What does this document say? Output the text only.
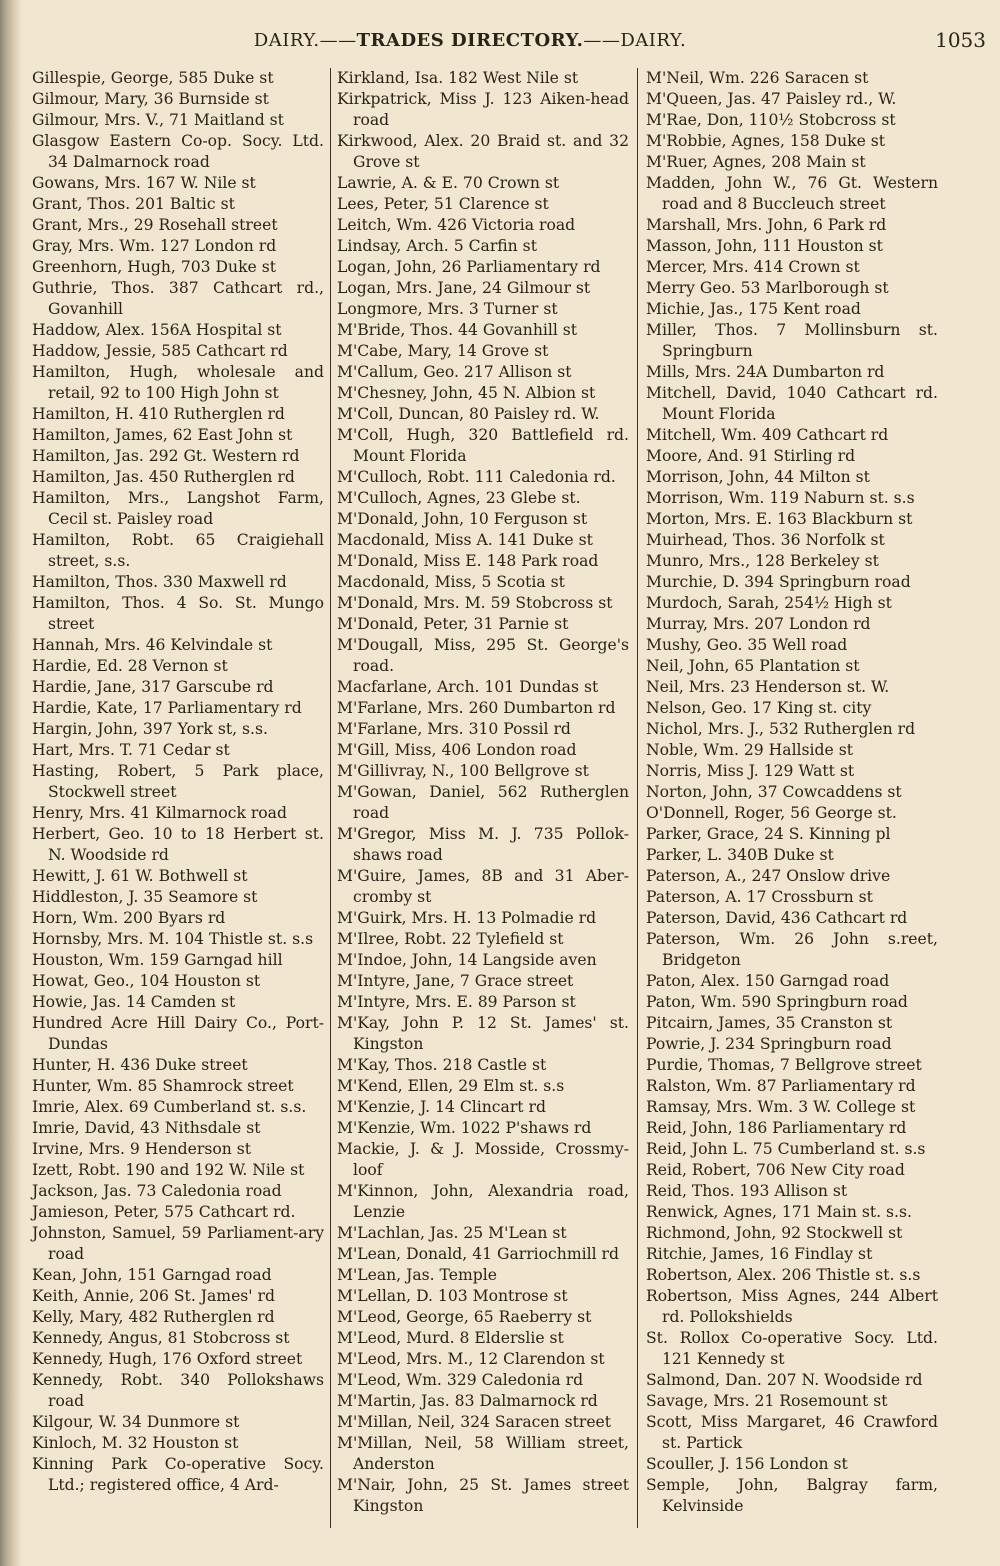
DAIRY.——TRADES DIRECTORY.——DAIRY.	1053
Gillespie, George, 585 Duke st
Gilmour, Mary, 36 Burnside st
Gilmour, Mrs. V., 71 Maitland st
Glasgow Eastern Co-op. Socy. Ltd. 34 Dalmarnock road
Gowans, Mrs. 167 W. Nile st
Grant, Thos. 201 Baltic st
Grant, Mrs., 29 Rosehall street
Gray, Mrs. Wm. 127 London rd
Greenhorn, Hugh, 703 Duke st
Guthrie, Thos. 387 Cathcart rd., Govanhill
Haddow, Alex. 156A Hospital st
Haddow, Jessie, 585 Cathcart rd
Hamilton, Hugh, wholesale and retail, 92 to 100 High John st
Hamilton, H. 410 Rutherglen rd
Hamilton, James, 62 East John st
Hamilton, Jas. 292 Gt. Western rd
Hamilton, Jas. 450 Rutherglen rd
Hamilton, Mrs., Langshot Farm, Cecil st. Paisley road
Hamilton, Robt. 65 Craigiehall street, s.s.
Hamilton, Thos. 330 Maxwell rd
Hamilton, Thos. 4 So. St. Mungo street
Hannah, Mrs. 46 Kelvindale st
Hardie, Ed. 28 Vernon st
Hardie, Jane, 317 Garscube rd
Hardie, Kate, 17 Parliamentary rd
Hargin, John, 397 York st, s.s.
Hart, Mrs. T. 71 Cedar st
Hasting, Robert, 5 Park place, Stockwell street
Henry, Mrs. 41 Kilmarnock road
Herbert, Geo. 10 to 18 Herbert st. N. Woodside rd
Hewitt, J. 61 W. Bothwell st
Hiddleston, J. 35 Seamore st
Horn, Wm. 200 Byars rd
Hornsby, Mrs. M. 104 Thistle st. s.s
Houston, Wm. 159 Garngad hill
Howat, Geo., 104 Houston st
Howie, Jas. 14 Camden st
Hundred Acre Hill Dairy Co., Port-Dundas
Hunter, H. 436 Duke street
Hunter, Wm. 85 Shamrock street
Imrie, Alex. 69 Cumberland st. s.s.
Imrie, David, 43 Nithsdale st
Irvine, Mrs. 9 Henderson st
Izett, Robt. 190 and 192 W. Nile st
Jackson, Jas. 73 Caledonia road
Jamieson, Peter, 575 Cathcart rd.
Johnston, Samuel, 59 Parliament-ary road
Kean, John, 151 Garngad road
Keith, Annie, 206 St. James' rd
Kelly, Mary, 482 Rutherglen rd
Kennedy, Angus, 81 Stobcross st
Kennedy, Hugh, 176 Oxford street
Kennedy, Robt. 340 Pollokshaws road
Kilgour, W. 34 Dunmore st
Kinloch, M. 32 Houston st
Kinning Park Co-operative Socy. Ltd.; registered office, 4 Ard-
Kirkland, Isa. 182 West Nile st
Kirkpatrick, Miss J. 123 Aiken-head road
Kirkwood, Alex. 20 Braid st. and 32 Grove st
Lawrie, A. & E. 70 Crown st
Lees, Peter, 51 Clarence st
Leitch, Wm. 426 Victoria road
Lindsay, Arch. 5 Carfin st
Logan, John, 26 Parliamentary rd
Logan, Mrs. Jane, 24 Gilmour st
Longmore, Mrs. 3 Turner st
M'Bride, Thos. 44 Govanhill st
M'Cabe, Mary, 14 Grove st
M'Callum, Geo. 217 Allison st
M'Chesney, John, 45 N. Albion st
M'Coll, Duncan, 80 Paisley rd. W.
M'Coll, Hugh, 320 Battlefield rd. Mount Florida
M'Culloch, Robt. 111 Caledonia rd.
M'Culloch, Agnes, 23 Glebe st.
M'Donald, John, 10 Ferguson st
Macdonald, Miss A. 141 Duke st
M'Donald, Miss E. 148 Park road
Macdonald, Miss, 5 Scotia st
M'Donald, Mrs. M. 59 Stobcross st
M'Donald, Peter, 31 Parnie st
M'Dougall, Miss, 295 St. George's road.
Macfarlane, Arch. 101 Dundas st
M'Farlane, Mrs. 260 Dumbarton rd
M'Farlane, Mrs. 310 Possil rd
M'Gill, Miss, 406 London road
M'Gillivray, N., 100 Bellgrove st
M'Gowan, Daniel, 562 Rutherglen road
M'Gregor, Miss M. J. 735 Pollok-shaws road
M'Guire, James, 8B and 31 Aber-cromby st
M'Guirk, Mrs. H. 13 Polmadie rd
M'Ilree, Robt. 22 Tylefield st
M'Indoe, John, 14 Langside aven
M'Intyre, Jane, 7 Grace street
M'Intyre, Mrs. E. 89 Parson st
M'Kay, John P. 12 St. James' st. Kingston
M'Kay, Thos. 218 Castle st
M'Kend, Ellen, 29 Elm st. s.s
M'Kenzie, J. 14 Clincart rd
M'Kenzie, Wm. 1022 P'shaws rd
Mackie, J. & J. Mosside, Crossmy-loof
M'Kinnon, John, Alexandria road, Lenzie
M'Lachlan, Jas. 25 M'Lean st
M'Lean, Donald, 41 Garriochmill rd
M'Lean, Jas. Temple
M'Lellan, D. 103 Montrose st
M'Leod, George, 65 Raeberry st
M'Leod, Murd. 8 Elderslie st
M'Leod, Mrs. M., 12 Clarendon st
M'Leod, Wm. 329 Caledonia rd
M'Martin, Jas. 83 Dalmarnock rd
M'Millan, Neil, 324 Saracen street
M'Millan, Neil, 58 William street, Anderston
M'Nair, John, 25 St. James street Kingston
M'Neil, Wm. 226 Saracen st
M'Queen, Jas. 47 Paisley rd., W.
M'Rae, Don, 110½ Stobcross st
M'Robbie, Agnes, 158 Duke st
M'Ruer, Agnes, 208 Main st
Madden, John W., 76 Gt. Western road and 8 Buccleuch street
Marshall, Mrs. John, 6 Park rd
Masson, John, 111 Houston st
Mercer, Mrs. 414 Crown st
Merry Geo. 53 Marlborough st
Michie, Jas., 175 Kent road
Miller, Thos. 7 Mollinsburn st. Springburn
Mills, Mrs. 24A Dumbarton rd
Mitchell, David, 1040 Cathcart rd. Mount Florida
Mitchell, Wm. 409 Cathcart rd
Moore, And. 91 Stirling rd
Morrison, John, 44 Milton st
Morrison, Wm. 119 Naburn st. s.s
Morton, Mrs. E. 163 Blackburn st
Muirhead, Thos. 36 Norfolk st
Munro, Mrs., 128 Berkeley st
Murchie, D. 394 Springburn road
Murdoch, Sarah, 254½ High st
Murray, Mrs. 207 London rd
Mushy, Geo. 35 Well road
Neil, John, 65 Plantation st
Neil, Mrs. 23 Henderson st. W.
Nelson, Geo. 17 King st. city
Nichol, Mrs. J., 532 Rutherglen rd
Noble, Wm. 29 Hallside st
Norris, Miss J. 129 Watt st
Norton, John, 37 Cowcaddens st
O'Donnell, Roger, 56 George st.
Parker, Grace, 24 S. Kinning pl
Parker, L. 340B Duke st
Paterson, A., 247 Onslow drive
Paterson, A. 17 Crossburn st
Paterson, David, 436 Cathcart rd
Paterson, Wm. 26 John s.reet, Bridgeton
Paton, Alex. 150 Garngad road
Paton, Wm. 590 Springburn road
Pitcairn, James, 35 Cranston st
Powrie, J. 234 Springburn road
Purdie, Thomas, 7 Bellgrove street
Ralston, Wm. 87 Parliamentary rd
Ramsay, Mrs. Wm. 3 W. College st
Reid, John, 186 Parliamentary rd
Reid, John L. 75 Cumberland st. s.s
Reid, Robert, 706 New City road
Reid, Thos. 193 Allison st
Renwick, Agnes, 171 Main st. s.s.
Richmond, John, 92 Stockwell st
Ritchie, James, 16 Findlay st
Robertson, Alex. 206 Thistle st. s.s
Robertson, Miss Agnes, 244 Albert rd. Pollokshields
St. Rollox Co-operative Socy. Ltd. 121 Kennedy st
Salmond, Dan. 207 N. Woodside rd
Savage, Mrs. 21 Rosemount st
Scott, Miss Margaret, 46 Crawford st. Partick
Scouller, J. 156 London st
Semple, John, Balgray farm, Kelvinside
